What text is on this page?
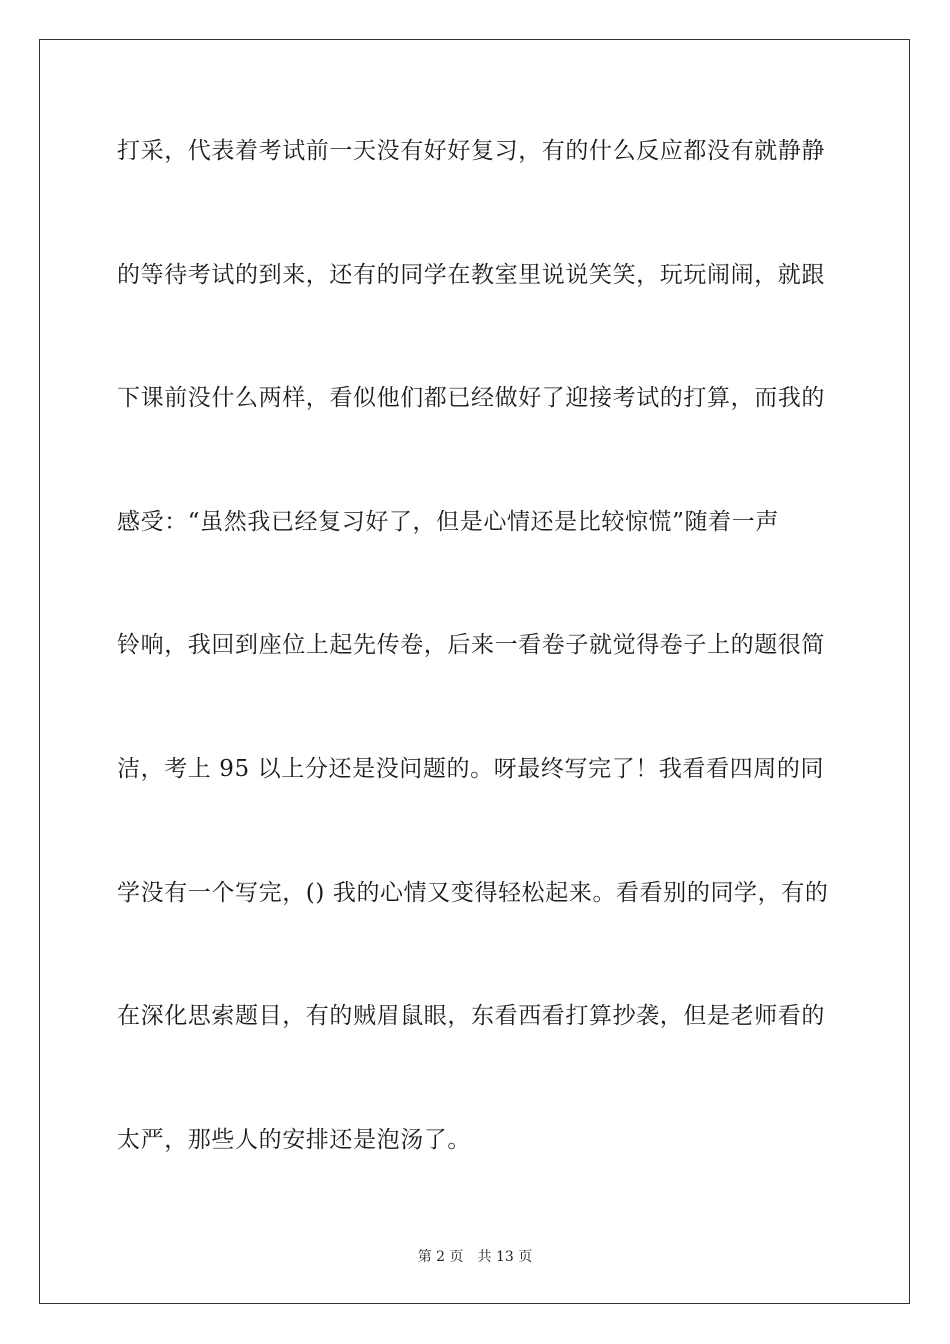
打采，代表着考试前一天没有好好复习，有的什么反应都没有就静静
的等待考试的到来，还有的同学在教室里说说笑笑，玩玩闹闹，就跟
下课前没什么两样，看似他们都已经做好了迎接考试的打算，而我的
感受：“虽然我已经复习好了，但是心情还是比较惊慌”随着一声
铃响，我回到座位上起先传卷，后来一看卷子就觉得卷子上的题很简
洁，考上 95 以上分还是没问题的。呀最终写完了！我看看四周的同
学没有一个写完，() 我的心情又变得轻松起来。看看别的同学，有的
在深化思索题目，有的贼眉鼠眼，东看西看打算抄袭，但是老师看的
太严，那些人的安排还是泡汤了。
第 2 页 共 13 页
